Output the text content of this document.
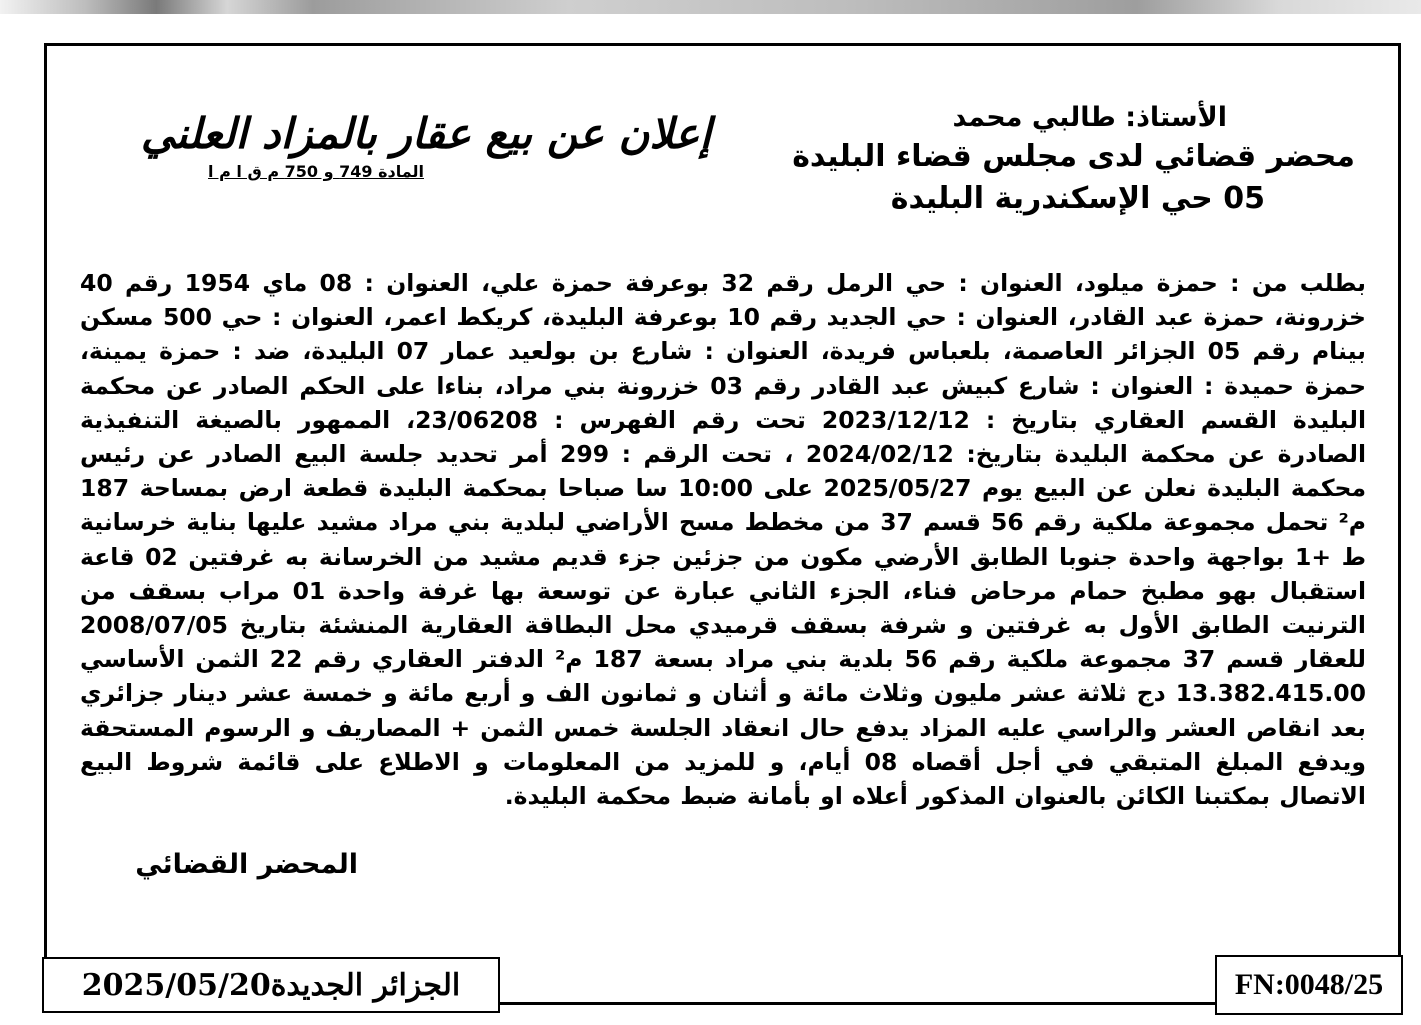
الأستاذ: طالبي محمد
محضر قضائي لدى مجلس قضاء البليدة
05 حي الإسكندرية البليدة
إعلان عن بيع عقار بالمزاد العلني
المادة 749 و 750 م ق ا م ا
بطلب من : حمزة ميلود، العنوان : حي الرمل رقم 32 بوعرفة حمزة علي، العنوان : 08 ماي 1954 رقم 40 خزرونة، حمزة عبد القادر، العنوان : حي الجديد رقم 10 بوعرفة البليدة، كريكط اعمر، العنوان : حي 500 مسكن بينام رقم 05 الجزائر العاصمة، بلعباس فريدة، العنوان : شارع بن بولعيد عمار 07 البليدة، ضد : حمزة يمينة، حمزة حميدة : العنوان : شارع كبيش عبد القادر رقم 03 خزرونة بني مراد، بناءا على الحكم الصادر عن محكمة البليدة القسم العقاري بتاريخ : 2023/12/12 تحت رقم الفهرس : 23/06208، الممهور بالصيغة التنفيذية الصادرة عن محكمة البليدة بتاريخ: 2024/02/12 ، تحت الرقم : 299 أمر تحديد جلسة البيع الصادر عن رئيس محكمة البليدة نعلن عن البيع يوم 2025/05/27 على 10:00 سا صباحا بمحكمة البليدة قطعة ارض بمساحة 187 م² تحمل مجموعة ملكية رقم 56 قسم 37 من مخطط مسح الأراضي لبلدية بني مراد مشيد عليها بناية خرسانية ط +1 بواجهة واحدة جنوبا الطابق الأرضي مكون من جزئين جزء قديم مشيد من الخرسانة به غرفتين 02 قاعة استقبال بهو مطبخ حمام مرحاض فناء، الجزء الثاني عبارة عن توسعة بها غرفة واحدة 01 مراب بسقف من الترنيت الطابق الأول به غرفتين و شرفة بسقف قرميدي محل البطاقة العقارية المنشئة بتاريخ 2008/07/05 للعقار قسم 37 مجموعة ملكية رقم 56 بلدية بني مراد بسعة 187 م² الدفتر العقاري رقم 22 الثمن الأساسي 13.382.415.00 دج ثلاثة عشر مليون وثلاث مائة و أثنان و ثمانون الف و أربع مائة و خمسة عشر دينار جزائري بعد انقاص العشر والراسي عليه المزاد يدفع حال انعقاد الجلسة خمس الثمن + المصاريف و الرسوم المستحقة ويدفع المبلغ المتبقي في أجل أقصاه 08 أيام، و للمزيد من المعلومات و الاطلاع على قائمة شروط البيع الاتصال بمكتبنا الكائن بالعنوان المذكور أعلاه او بأمانة ضبط محكمة البليدة.
المحضر القضائي
2025/05/20الجزائر الجديدة	FN:0048/25
